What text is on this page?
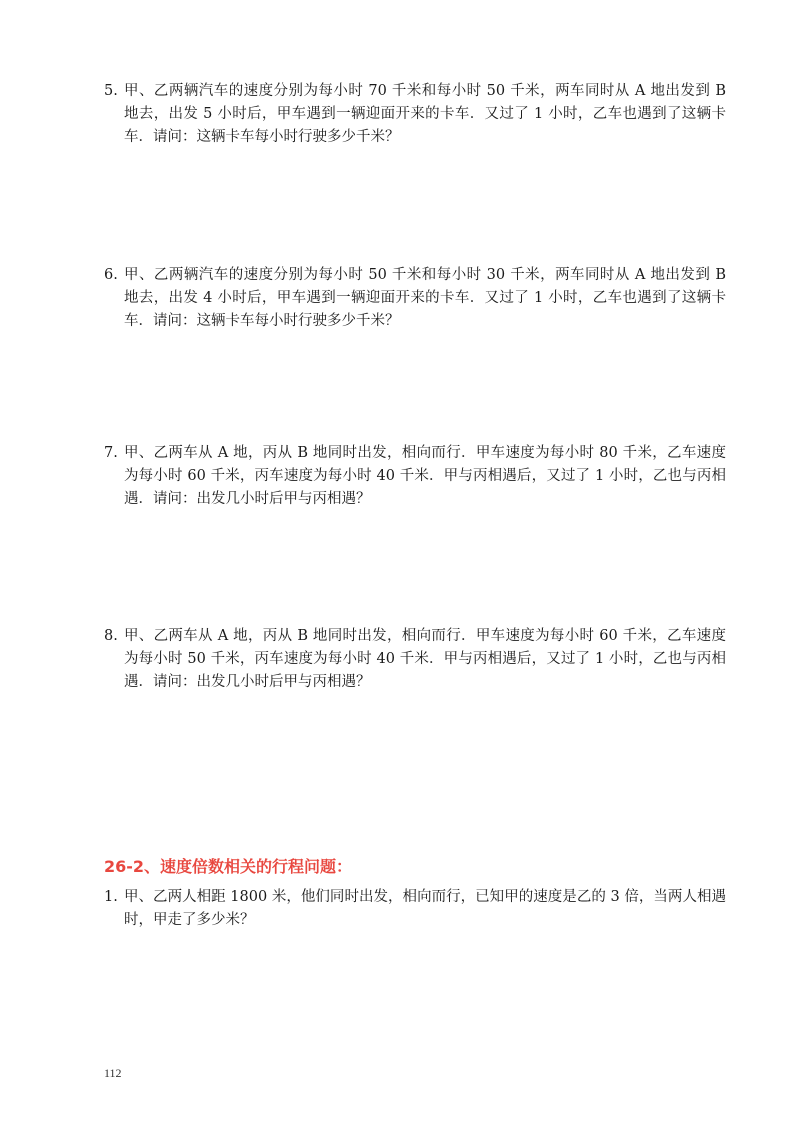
5. 甲、乙两辆汽车的速度分别为每小时 70 千米和每小时 50 千米，两车同时从 A 地出发到 B 地去，出发 5 小时后，甲车遇到一辆迎面开来的卡车．又过了 1 小时，乙车也遇到了这辆卡车．请问：这辆卡车每小时行驶多少千米？
6. 甲、乙两辆汽车的速度分别为每小时 50 千米和每小时 30 千米，两车同时从 A 地出发到 B 地去，出发 4 小时后，甲车遇到一辆迎面开来的卡车．又过了 1 小时，乙车也遇到了这辆卡车．请问：这辆卡车每小时行驶多少千米？
7. 甲、乙两车从 A 地，丙从 B 地同时出发，相向而行．甲车速度为每小时 80 千米，乙车速度为每小时 60 千米，丙车速度为每小时 40 千米．甲与丙相遇后，又过了 1 小时，乙也与丙相遇．请问：出发几小时后甲与丙相遇？
8. 甲、乙两车从 A 地，丙从 B 地同时出发，相向而行．甲车速度为每小时 60 千米，乙车速度为每小时 50 千米，丙车速度为每小时 40 千米．甲与丙相遇后，又过了 1 小时，乙也与丙相遇．请问：出发几小时后甲与丙相遇？
26-2、速度倍数相关的行程问题：
1. 甲、乙两人相距 1800 米，他们同时出发，相向而行，已知甲的速度是乙的 3 倍，当两人相遇时，甲走了多少米？
112
